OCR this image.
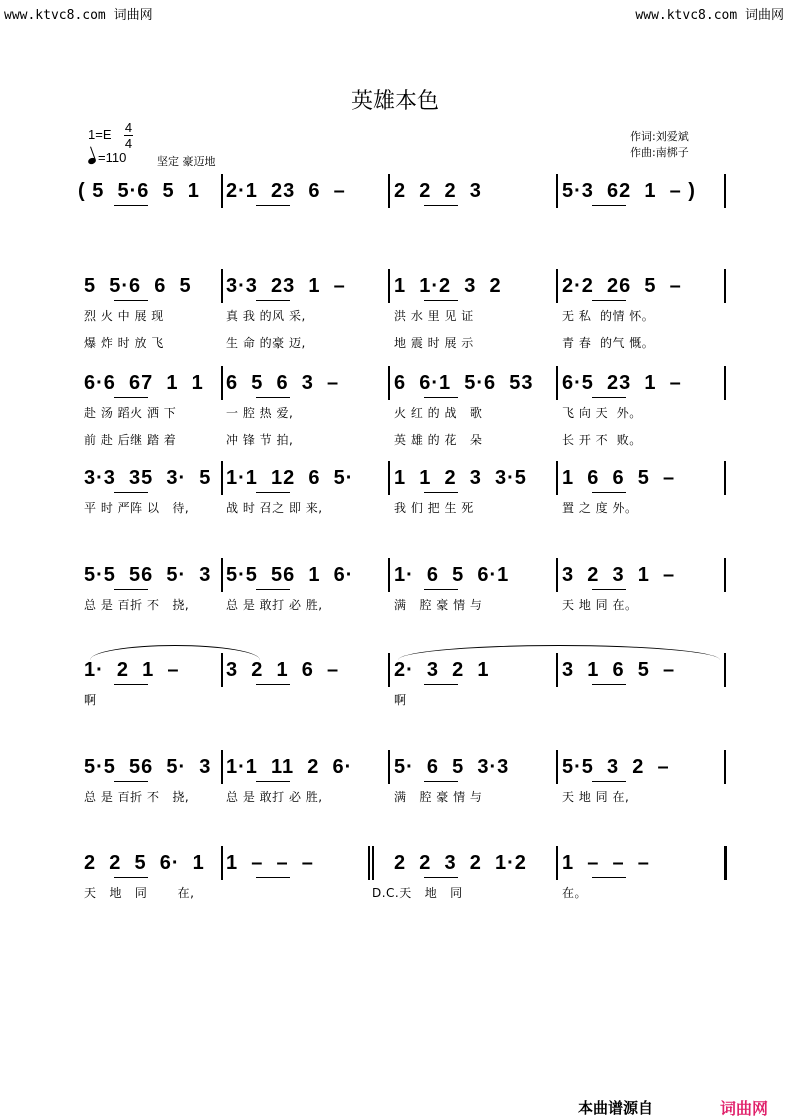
www.ktvc8.com 词曲网	www.ktvc8.com 词曲网
英雄本色
1=E 4
4
=110	坚定 豪迈地
作词:刘爱斌
作曲:南梆子
( 5  5·6  5  1 2·1  23  6  – 2  2  2  3	5·3  62  1  – )
5  5·6  6  5 3·3  23  1  – 1  1·2  3  2	2·2  26  5  –
烈 火 中 展 现	真 我 的风 采,	洪 水 里 见 证	无 私  的情 怀。
爆 炸 时 放 飞	生 命 的豪 迈,	地 震 时 展 示	青 春  的气 慨。
6·6  67  1  1 6  5  6  3  –	6  6·1  5·6  53 6·5  23  1  –
赴 汤 蹈火 洒 下	一 腔 热 爱,	火 红 的 战   歌	飞 向 天  外。
前 赴 后继 踏 着	冲 锋 节 拍,	英 雄 的 花   朵	长 开 不  败。
3·3  35  3·  5 1·1  12  6  5· 1  1  2  3  3·5 1  6  6  5  –
平 时 严阵 以   待,	战 时 召之 即 来,	我 们 把 生 死	置 之 度 外。
5·5  56  5·  3 5·5  56  1  6· 1·  6  5  6·1	3  2  3  1  –
总 是 百折 不   挠,	总 是 敢打 必 胜,	满   腔 豪 情 与	天 地 同 在。
1·  2  1  – 3  2  1  6  –	2·  3  2  1	3  1  6  5  –
啊	啊
5·5  56  5·  3 1·1  11  2  6· 5·  6  5  3·3	5·5  3  2  –
总 是 百折 不   挠,	总 是 敢打 必 胜,	满   腔 豪 情 与	天 地 同 在,
2  2  5  6·  1 1  –  –  –	2  2  3  2  1·2 1  –  –  –
天   地   同       在,	D.C.天   地   同	在。
本曲谱源自	词曲网
